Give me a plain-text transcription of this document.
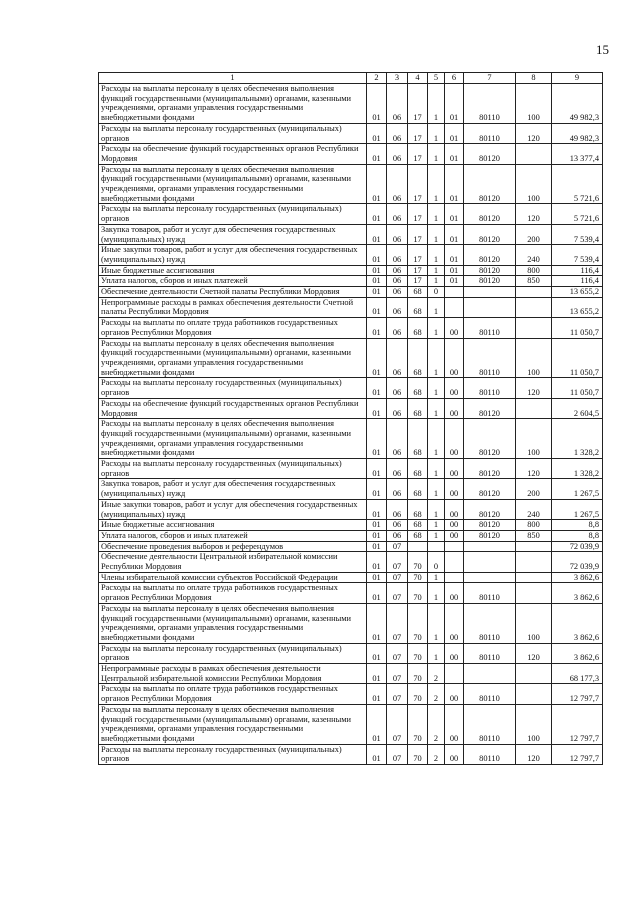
15
1	2	3	4	5	6	7	8	9
Расходы на выплаты персоналу в целях обеспечения выполнения функций государственными (муниципальными) органами, казенными учреждениями, органами управления государственными внебюджетными фондами	01	06	17	1	01	80110	100	49 982,3
Расходы на выплаты персоналу государственных (муниципальных) органов	01	06	17	1	01	80110	120	49 982,3
Расходы на обеспечение функций государственных органов Республики Мордовия	01	06	17	1	01	80120		13 377,4
Расходы на выплаты персоналу в целях обеспечения выполнения функций государственными (муниципальными) органами, казенными учреждениями, органами управления государственными внебюджетными фондами	01	06	17	1	01	80120	100	5 721,6
Расходы на выплаты персоналу государственных (муниципальных) органов	01	06	17	1	01	80120	120	5 721,6
Закупка товаров, работ и услуг для обеспечения государственных (муниципальных) нужд	01	06	17	1	01	80120	200	7 539,4
Иные закупки товаров, работ и услуг для обеспечения государственных (муниципальных) нужд	01	06	17	1	01	80120	240	7 539,4
Иные бюджетные ассигнования	01	06	17	1	01	80120	800	116,4
Уплата налогов, сборов и иных платежей	01	06	17	1	01	80120	850	116,4
Обеспечение деятельности Счетной палаты Республики Мордовия	01	06	68	0				13 655,2
Непрограммные расходы в рамках обеспечения деятельности Счетной палаты Республики Мордовия	01	06	68	1				13 655,2
Расходы на выплаты по оплате труда работников государственных органов Республики Мордовия	01	06	68	1	00	80110		11 050,7
Расходы на выплаты персоналу в целях обеспечения выполнения функций государственными (муниципальными) органами, казенными учреждениями, органами управления государственными внебюджетными фондами	01	06	68	1	00	80110	100	11 050,7
Расходы на выплаты персоналу государственных (муниципальных) органов	01	06	68	1	00	80110	120	11 050,7
Расходы на обеспечение функций государственных органов Республики Мордовия	01	06	68	1	00	80120		2 604,5
Расходы на выплаты персоналу в целях обеспечения выполнения функций государственными (муниципальными) органами, казенными учреждениями, органами управления государственными внебюджетными фондами	01	06	68	1	00	80120	100	1 328,2
Расходы на выплаты персоналу государственных (муниципальных) органов	01	06	68	1	00	80120	120	1 328,2
Закупка товаров, работ и услуг для обеспечения государственных (муниципальных) нужд	01	06	68	1	00	80120	200	1 267,5
Иные закупки товаров, работ и услуг для обеспечения государственных (муниципальных) нужд	01	06	68	1	00	80120	240	1 267,5
Иные бюджетные ассигнования	01	06	68	1	00	80120	800	8,8
Уплата налогов, сборов и иных платежей	01	06	68	1	00	80120	850	8,8
Обеспечение проведения выборов и референдумов	01	07						72 039,9
Обеспечение деятельности Центральной избирательной комиссии Республики Мордовия	01	07	70	0				72 039,9
Члены избирательной комиссии субъектов Российской Федерации	01	07	70	1				3 862,6
Расходы на выплаты по оплате труда работников государственных органов Республики Мордовия	01	07	70	1	00	80110		3 862,6
Расходы на выплаты персоналу в целях обеспечения выполнения функций государственными (муниципальными) органами, казенными учреждениями, органами управления государственными внебюджетными фондами	01	07	70	1	00	80110	100	3 862,6
Расходы на выплаты персоналу государственных (муниципальных) органов	01	07	70	1	00	80110	120	3 862,6
Непрограммные расходы в рамках обеспечения деятельности Центральной избирательной комиссии Республики Мордовия	01	07	70	2				68 177,3
Расходы на выплаты по оплате труда работников государственных органов Республики Мордовия	01	07	70	2	00	80110		12 797,7
Расходы на выплаты персоналу в целях обеспечения выполнения функций государственными (муниципальными) органами, казенными учреждениями, органами управления государственными внебюджетными фондами	01	07	70	2	00	80110	100	12 797,7
Расходы на выплаты персоналу государственных (муниципальных) органов	01	07	70	2	00	80110	120	12 797,7
